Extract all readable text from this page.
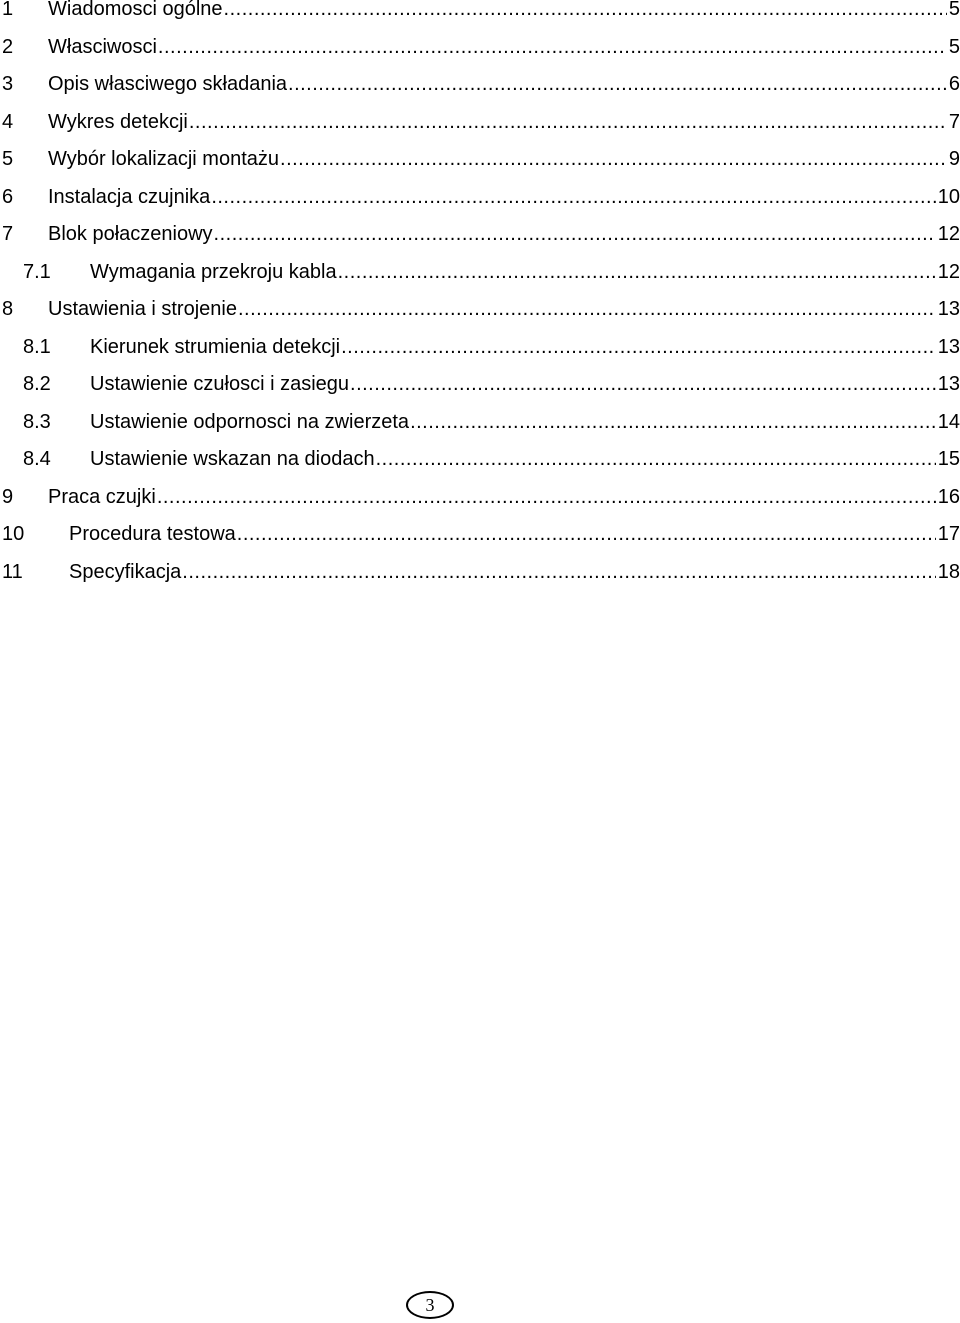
1	Wiadomosci ogólne .....	5
2	Własciwosci .....	5
3	Opis własciwego składania .....	6
4	Wykres detekcji .....	7
5	Wybór lokalizacji montażu .....	9
6	Instalacja czujnika .....	10
7	Blok połaczeniowy .....	12
7.1	Wymagania przekroju kabla .....	12
8	Ustawienia i strojenie .....	13
8.1	Kierunek strumienia detekcji .....	13
8.2	Ustawienie czułosci i zasiegu .....	13
8.3	Ustawienie odpornosci na zwierzeta .....	14
8.4	Ustawienie wskazan na diodach .....	15
9	Praca czujki .....	16
10	Procedura testowa .....	17
11	Specyfikacja .....	18
3
